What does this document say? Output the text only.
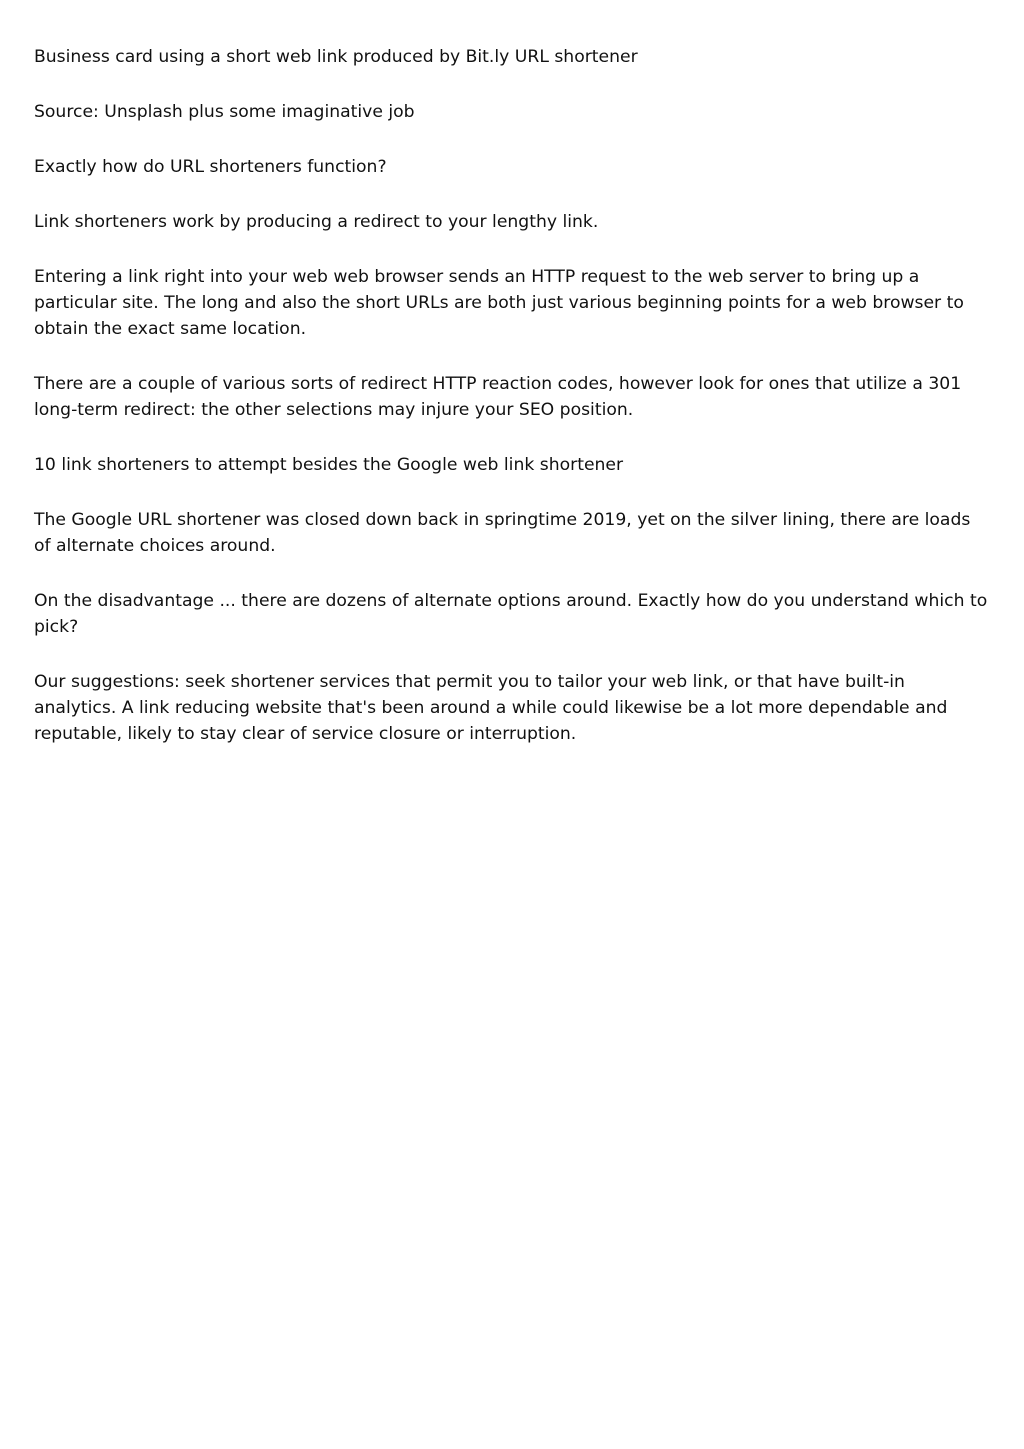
Business card using a short web link produced by Bit.ly URL shortener

Source: Unsplash plus some imaginative job

Exactly how do URL shorteners function?

Link shorteners work by producing a redirect to your lengthy link.

Entering a link right into your web web browser sends an HTTP request to the web server to bring up a particular site. The long and also the short URLs are both just various beginning points for a web browser to obtain the exact same location.

There are a couple of various sorts of redirect HTTP reaction codes, however look for ones that utilize a 301 long-term redirect: the other selections may injure your SEO position.

10 link shorteners to attempt besides the Google web link shortener

The Google URL shortener was closed down back in springtime 2019, yet on the silver lining, there are loads of alternate choices around.

On the disadvantage ... there are dozens of alternate options around. Exactly how do you understand which to pick?

Our suggestions: seek shortener services that permit you to tailor your web link, or that have built-in analytics. A link reducing website that's been around a while could likewise be a lot more dependable and reputable, likely to stay clear of service closure or interruption.
